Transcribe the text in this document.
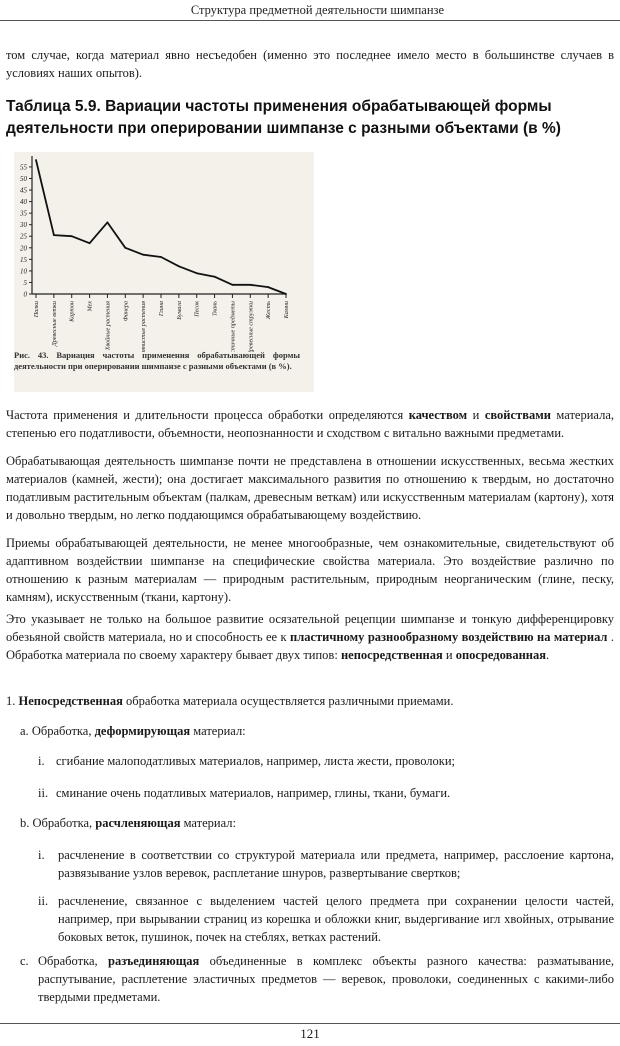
Структура предметной деятельности шимпанзе
том случае, когда материал явно несъедобен (именно это последнее имело место в большинстве случаев в условиях наших опытов).
Таблица 5.9. Вариации частоты применения обрабатывающей формы деятельности при оперировании шимпанзе с разными объектами (в %)
0
5
10
15
20
25
30
35
40
45
50
55
Палки Древесные ветки Картон Мех Хвойные растения Фанера Травянистые растения Глина Бумага Песок Ткань Эластичные предметы Древесные стружки Жесть Камни
Рис. 43. Вариация частоты применения обрабатывающей формы деятельности при оперировании шимпанзе с разными объектами (в %).
Частота применения и длительности процесса обработки определяются качеством и свойствами материала, степенью его податливости, объемности, неопознанности и сходством с витально важными предметами.
Обрабатывающая деятельность шимпанзе почти не представлена в отношении искусственных, весьма жестких материалов (камней, жести); она достигает максимального развития по отношению к твердым, но достаточно податливым растительным объектам (палкам, древесным веткам) или искусственным материалам (картону), хотя и довольно твердым, но легко поддающимся обрабатывающему воздействию.
Приемы обрабатывающей деятельности, не менее многообразные, чем ознакомительные, свидетельствуют об адаптивном воздействии шимпанзе на специфические свойства материала. Это воздействие различно по отношению к разным материалам — природным растительным, природным неорганическим (глине, песку, камням), искусственным (ткани, картону).
Это указывает не только на большое развитие осязательной рецепции шимпанзе и тонкую дифференцировку обезьяной свойств материала, но и способность ее к пластичному разнообразному воздействию на материал . Обработка материала по своему характеру бывает двух типов: непосредственная и опосредованная.
1. Непосредственная обработка материала осуществляется различными приемами.
a. Обработка, деформирующая материал:
i. сгибание малоподатливых материалов, например, листа жести, проволоки;
ii. сминание очень податливых материалов, например, глины, ткани, бумаги.
b. Обработка, расчленяющая материал:
i. расчленение в соответствии со структурой материала или предмета, например, расслоение картона, развязывание узлов веревок, расплетание шнуров, развертывание свертков;
ii. расчленение, связанное с выделением частей целого предмета при сохранении целости частей, например, при вырывании страниц из корешка и обложки книг, выдергивание игл хвойных, отрывание боковых веток, пушинок, почек на стеблях, ветках растений.
c. Обработка, разъединяющая объединенные в комплекс объекты разного качества: разматывание, распутывание, расплетение эластичных предметов — веревок, проволоки, соединенных с какими-либо твердыми предметами.
121
